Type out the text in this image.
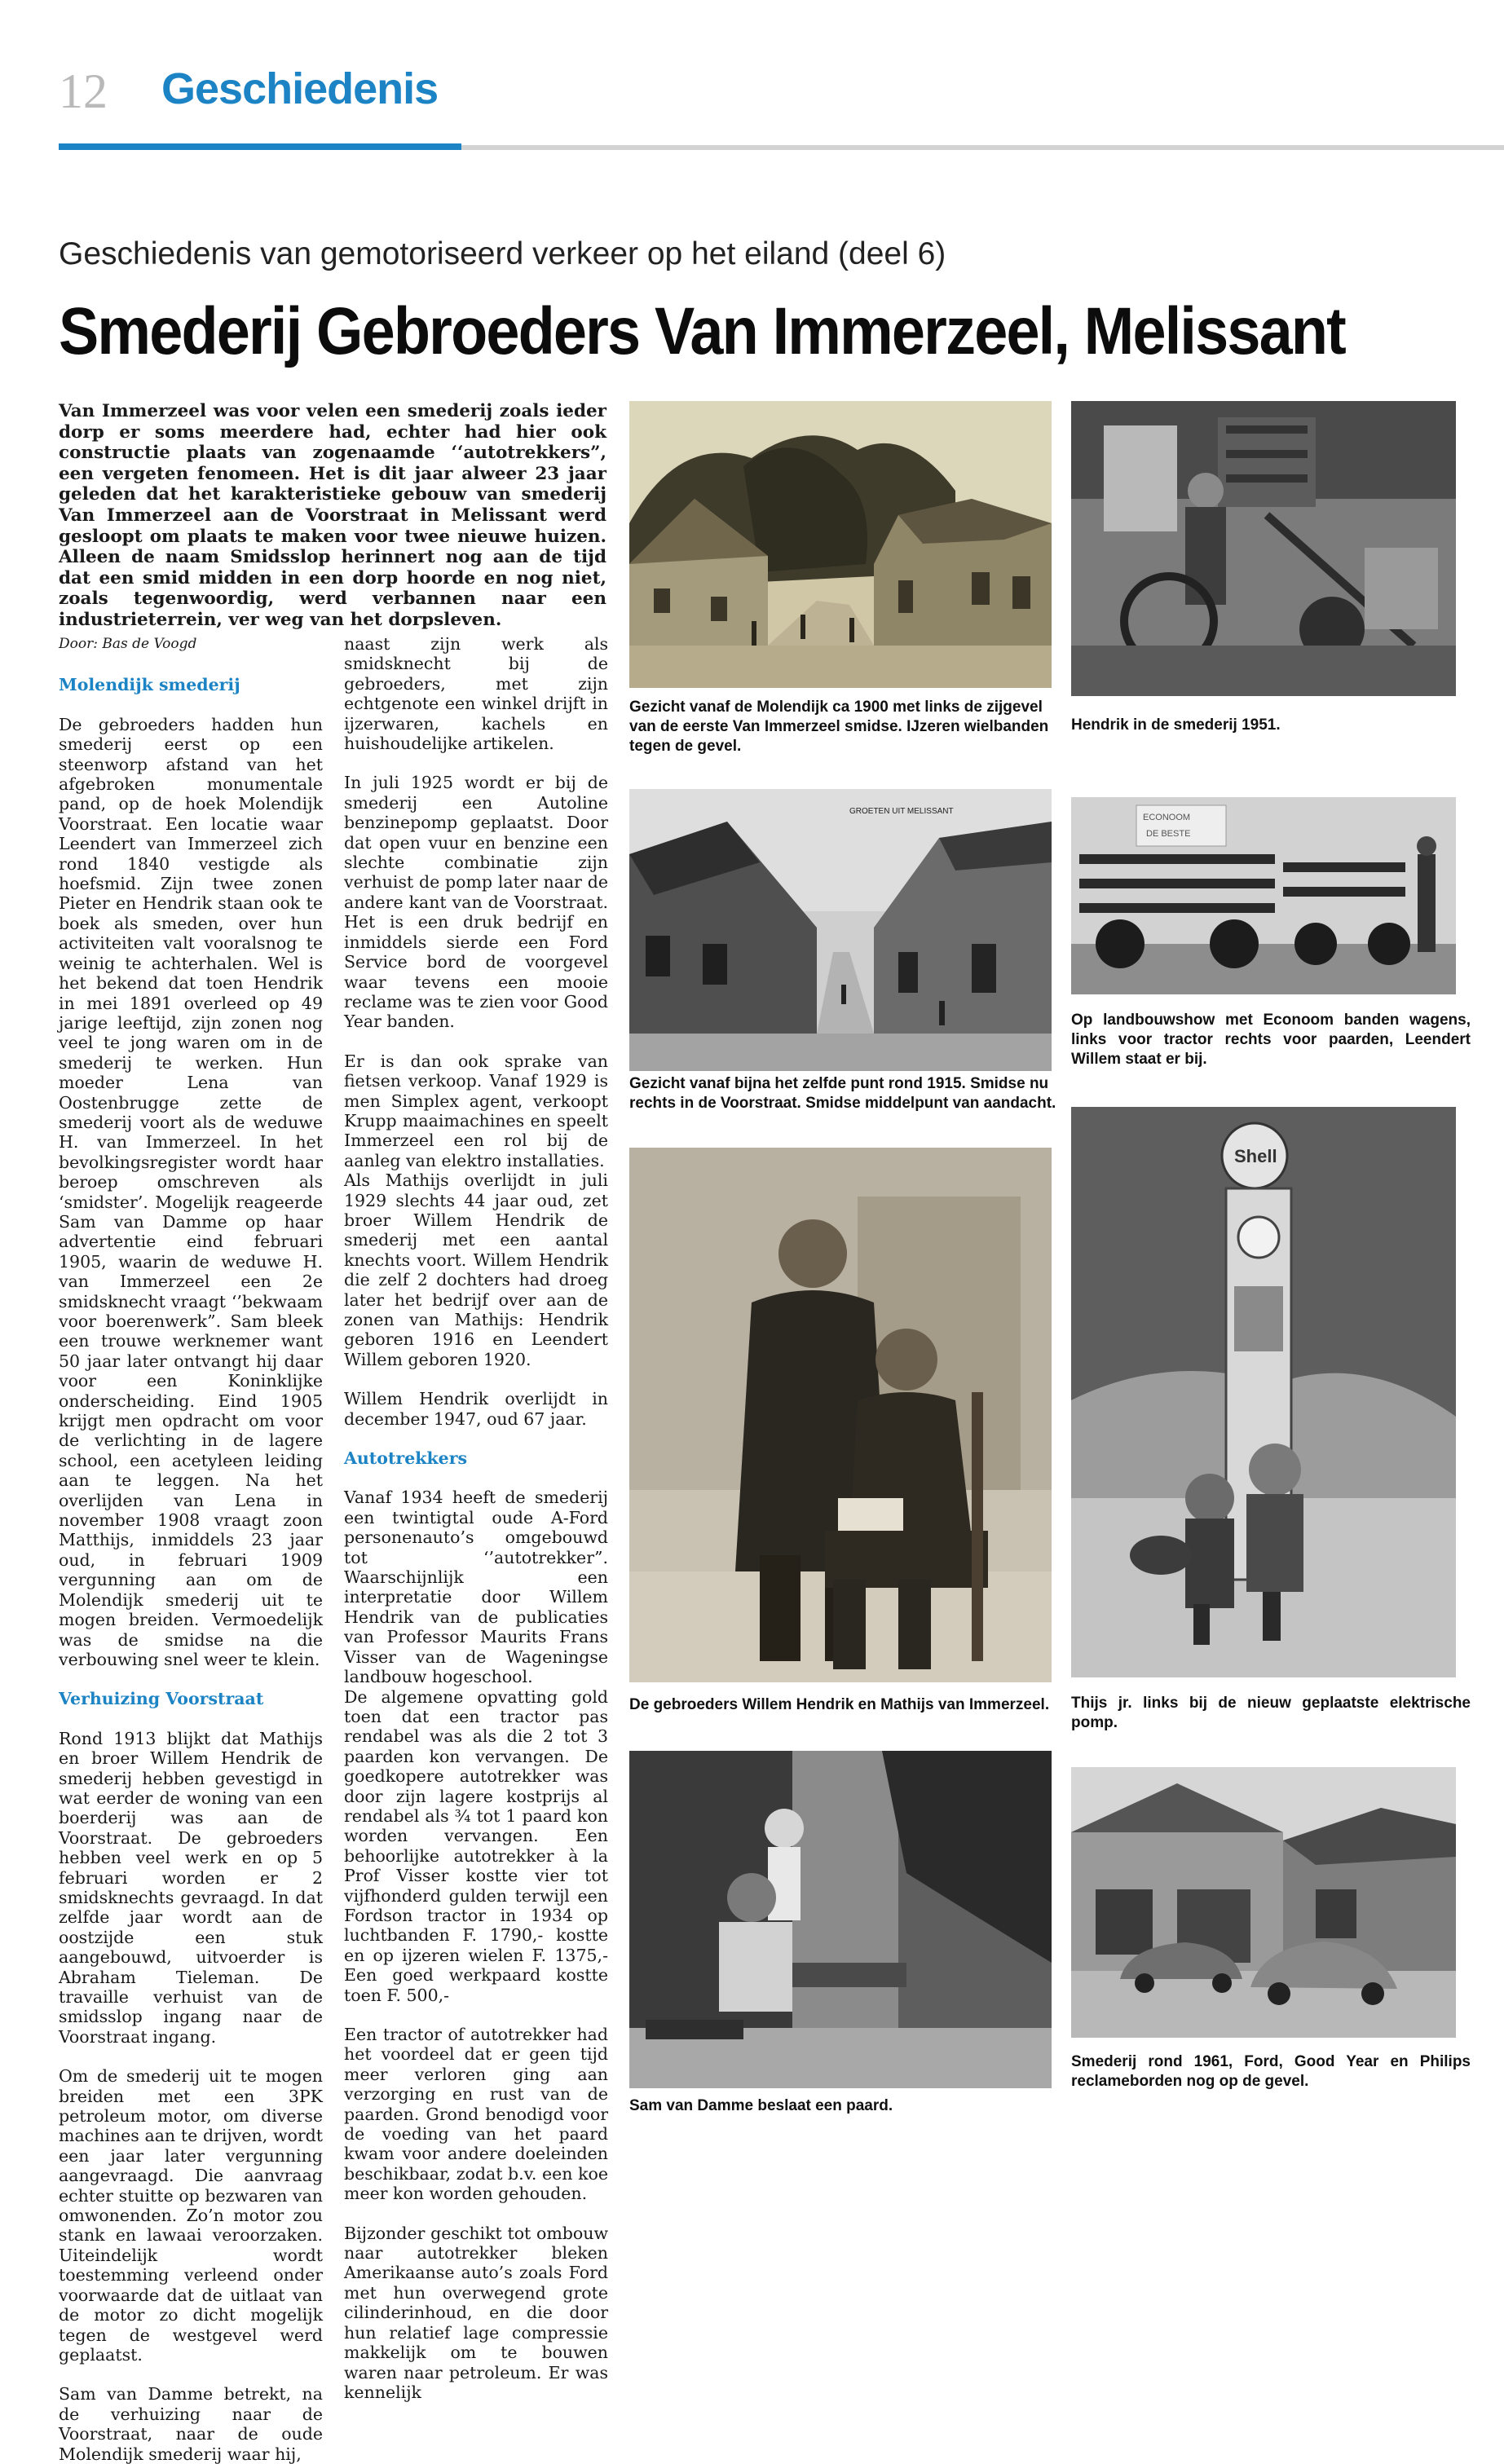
12 Geschiedenis
Geschiedenis van gemotoriseerd verkeer op het eiland (deel 6)
Smederij Gebroeders Van Immerzeel, Melissant
Van Immerzeel was voor velen een smederij zoals ieder dorp er soms meerdere had, echter had hier ook constructie plaats van zogenaamde ‘‘autotrekkers”, een vergeten fenomeen. Het is dit jaar alweer 23 jaar geleden dat het karakteristieke gebouw van smederij Van Immerzeel aan de Voorstraat in Melissant werd gesloopt om plaats te maken voor twee nieuwe huizen. Alleen de naam Smidsslop herinnert nog aan de tijd dat een smid midden in een dorp hoorde en nog niet, zoals tegenwoordig, werd verbannen naar een industrieterrein, ver weg van het dorpsleven.

Door: Bas de Voogd

Molendijk smederij

De gebroeders hadden hun smederij eerst op een steenworp afstand van het afgebroken monumentale pand, op de hoek Molendijk Voorstraat. Een locatie waar Leendert van Immerzeel zich rond 1840 vestigde als hoefsmid. Zijn twee zonen Pieter en Hendrik staan ook te boek als smeden, over hun activiteiten valt vooralsnog te weinig te achterhalen. Wel is het bekend dat toen Hendrik in mei 1891 overleed op 49 jarige leeftijd, zijn zonen nog veel te jong waren om in de smederij te werken. Hun moeder Lena van Oostenbrugge zette de smederij voort als de weduwe H. van Immerzeel. In het bevolkingsregister wordt haar beroep omschreven als ‘smidster’. Mogelijk reageerde Sam van Damme op haar advertentie eind februari 1905, waarin de weduwe H. van Immerzeel een 2e smidsknecht vraagt ‘’bekwaam voor boerenwerk”. Sam bleek een trouwe werknemer want 50 jaar later ontvangt hij daar voor een Koninklijke onderscheiding. Eind 1905 krijgt men opdracht om voor de verlichting in de lagere school, een acetyleen leiding aan te leggen. Na het overlijden van Lena in november 1908 vraagt zoon Matthijs, inmiddels 23 jaar oud, in februari 1909 vergunning aan om de Molendijk smederij uit te mogen breiden. Vermoedelijk was de smidse na die verbouwing snel weer te klein.

Verhuizing Voorstraat

Rond 1913 blijkt dat Mathijs en broer Willem Hendrik de smederij hebben gevestigd in wat eerder de woning van een boerderij was aan de Voorstraat. De gebroeders hebben veel werk en op 5 februari worden er 2 smidsknechts gevraagd. In dat zelfde jaar wordt aan de oostzijde een stuk aangebouwd, uitvoerder is Abraham Tieleman. De travaille verhuist van de smidsslop ingang naar de Voorstraat ingang.

Om de smederij uit te mogen breiden met een 3PK petroleum motor, om diverse machines aan te drijven, wordt een jaar later vergunning aangevraagd. Die aanvraag echter stuitte op bezwaren van omwonenden. Zo’n motor zou stank en lawaai veroorzaken. Uiteindelijk wordt toestemming verleend onder voorwaarde dat de uitlaat van de motor zo dicht mogelijk tegen de westgevel werd geplaatst.

Sam van Damme betrekt, na de verhuizing naar de Voorstraat, naar de oude Molendijk smederij waar hij,

naast zijn werk als smidsknecht bij de gebroeders, met zijn echtgenote een winkel drijft in ijzerwaren, kachels en huishoudelijke artikelen.

In juli 1925 wordt er bij de smederij een Autoline benzinepomp geplaatst. Door dat open vuur en benzine een slechte combinatie zijn verhuist de pomp later naar de andere kant van de Voorstraat. Het is een druk bedrijf en inmiddels sierde een Ford Service bord de voorgevel waar tevens een mooie reclame was te zien voor Good Year banden.

Er is dan ook sprake van fietsen verkoop. Vanaf 1929 is men Simplex agent, verkoopt Krupp maaimachines en speelt Immerzeel een rol bij de aanleg van elektro installaties.

Als Mathijs overlijdt in juli 1929 slechts 44 jaar oud, zet broer Willem Hendrik de smederij met een aantal knechts voort. Willem Hendrik die zelf 2 dochters had droeg later het bedrijf over aan de zonen van Mathijs: Hendrik geboren 1916 en Leendert Willem geboren 1920.

Willem Hendrik overlijdt in december 1947, oud 67 jaar.

Autotrekkers

Vanaf 1934 heeft de smederij een twintigtal oude A-Ford personenauto’s omgebouwd tot ‘’autotrekker”. Waarschijnlijk een interpretatie door Willem Hendrik van de publicaties van Professor Maurits Frans Visser van de Wageningse landbouw hogeschool.

De algemene opvatting gold toen dat een tractor pas rendabel was als die 2 tot 3 paarden kon vervangen. De goedkopere autotrekker was door zijn lagere kostprijs al rendabel als ¾ tot 1 paard kon worden vervangen. Een behoorlijke autotrekker à la Prof Visser kostte vier tot vijfhonderd gulden terwijl een Fordson tractor in 1934 op luchtbanden F. 1790,- kostte en op ijzeren wielen F. 1375,- Een goed werkpaard kostte toen F. 500,-

Een tractor of autotrekker had het voordeel dat er geen tijd meer verloren ging aan verzorging en rust van de paarden. Grond benodigd voor de voeding van het paard kwam voor andere doeleinden beschikbaar, zodat b.v. een koe meer kon worden gehouden.

Bijzonder geschikt tot ombouw naar autotrekker bleken Amerikaanse auto’s zoals Ford met hun overwegend grote cilinderinhoud, en die door hun relatief lage compressie makkelijk om te bouwen waren naar petroleum. Er was kennelijk

Gezicht vanaf de Molendijk ca 1900 met links de zijgevel van de eerste Van Immerzeel smidse. IJzeren wielbanden tegen de gevel.
Hendrik in de smederij 1951.
GROETEN UIT MELISSANT
Gezicht vanaf bijna het zelfde punt rond 1915. Smidse nu rechts in de Voorstraat. Smidse middelpunt van aandacht.
ECONOOM
DE BESTE
Op landbouwshow met Econoom banden wagens, links voor tractor rechts voor paarden, Leendert Willem staat er bij.
De gebroeders Willem Hendrik en Mathijs van Immerzeel.
Shell
Thijs jr. links bij de nieuw geplaatste elektrische pomp.
Sam van Damme beslaat een paard.
Smederij rond 1961, Ford, Good Year en Philips reclameborden nog op de gevel.
